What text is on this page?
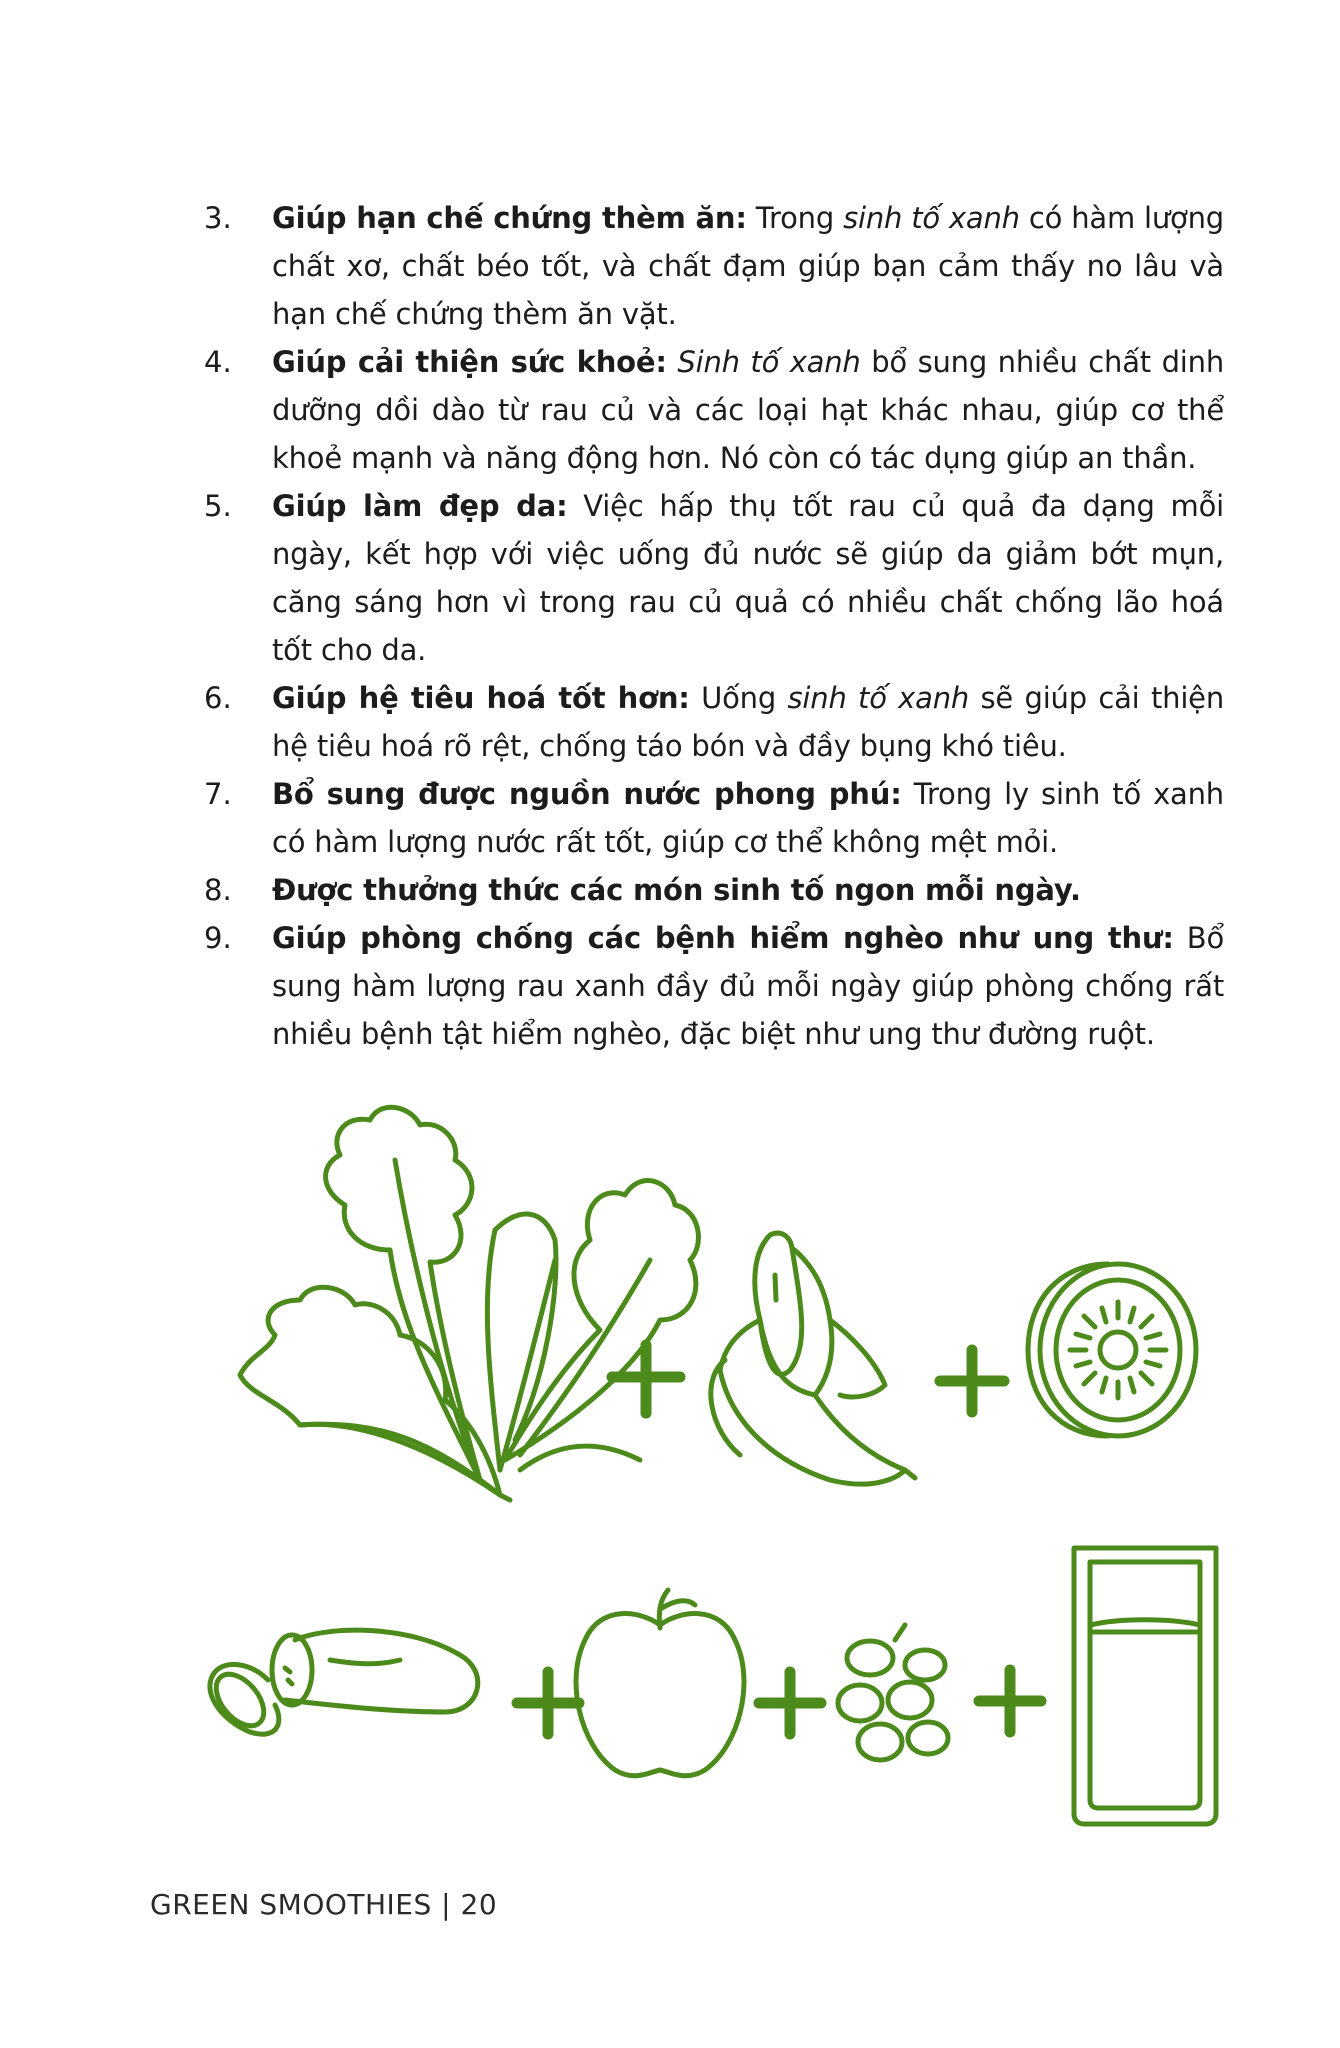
3.	Giúp hạn chế chứng thèm ăn: Trong sinh tố xanh có hàm lượng chất xơ, chất béo tốt, và chất đạm giúp bạn cảm thấy no lâu và hạn chế chứng thèm ăn vặt.
4.	Giúp cải thiện sức khoẻ: Sinh tố xanh bổ sung nhiều chất dinh dưỡng dồi dào từ rau củ và các loại hạt khác nhau, giúp cơ thể khoẻ mạnh và năng động hơn. Nó còn có tác dụng giúp an thần.
5.	Giúp làm đẹp da: Việc hấp thụ tốt rau củ quả đa dạng mỗi ngày, kết hợp với việc uống đủ nước sẽ giúp da giảm bớt mụn, căng sáng hơn vì trong rau củ quả có nhiều chất chống lão hoá tốt cho da.
6.	Giúp hệ tiêu hoá tốt hơn: Uống sinh tố xanh sẽ giúp cải thiện hệ tiêu hoá rõ rệt, chống táo bón và đầy bụng khó tiêu.
7.	Bổ sung được nguồn nước phong phú: Trong ly sinh tố xanh có hàm lượng nước rất tốt, giúp cơ thể không mệt mỏi.
8.	Được thưởng thức các món sinh tố ngon mỗi ngày.
9.	Giúp phòng chống các bệnh hiểm nghèo như ung thư: Bổ sung hàm lượng rau xanh đầy đủ mỗi ngày giúp phòng chống rất nhiều bệnh tật hiểm nghèo, đặc biệt như ung thư đường ruột.
GREEN SMOOTHIES | 20
